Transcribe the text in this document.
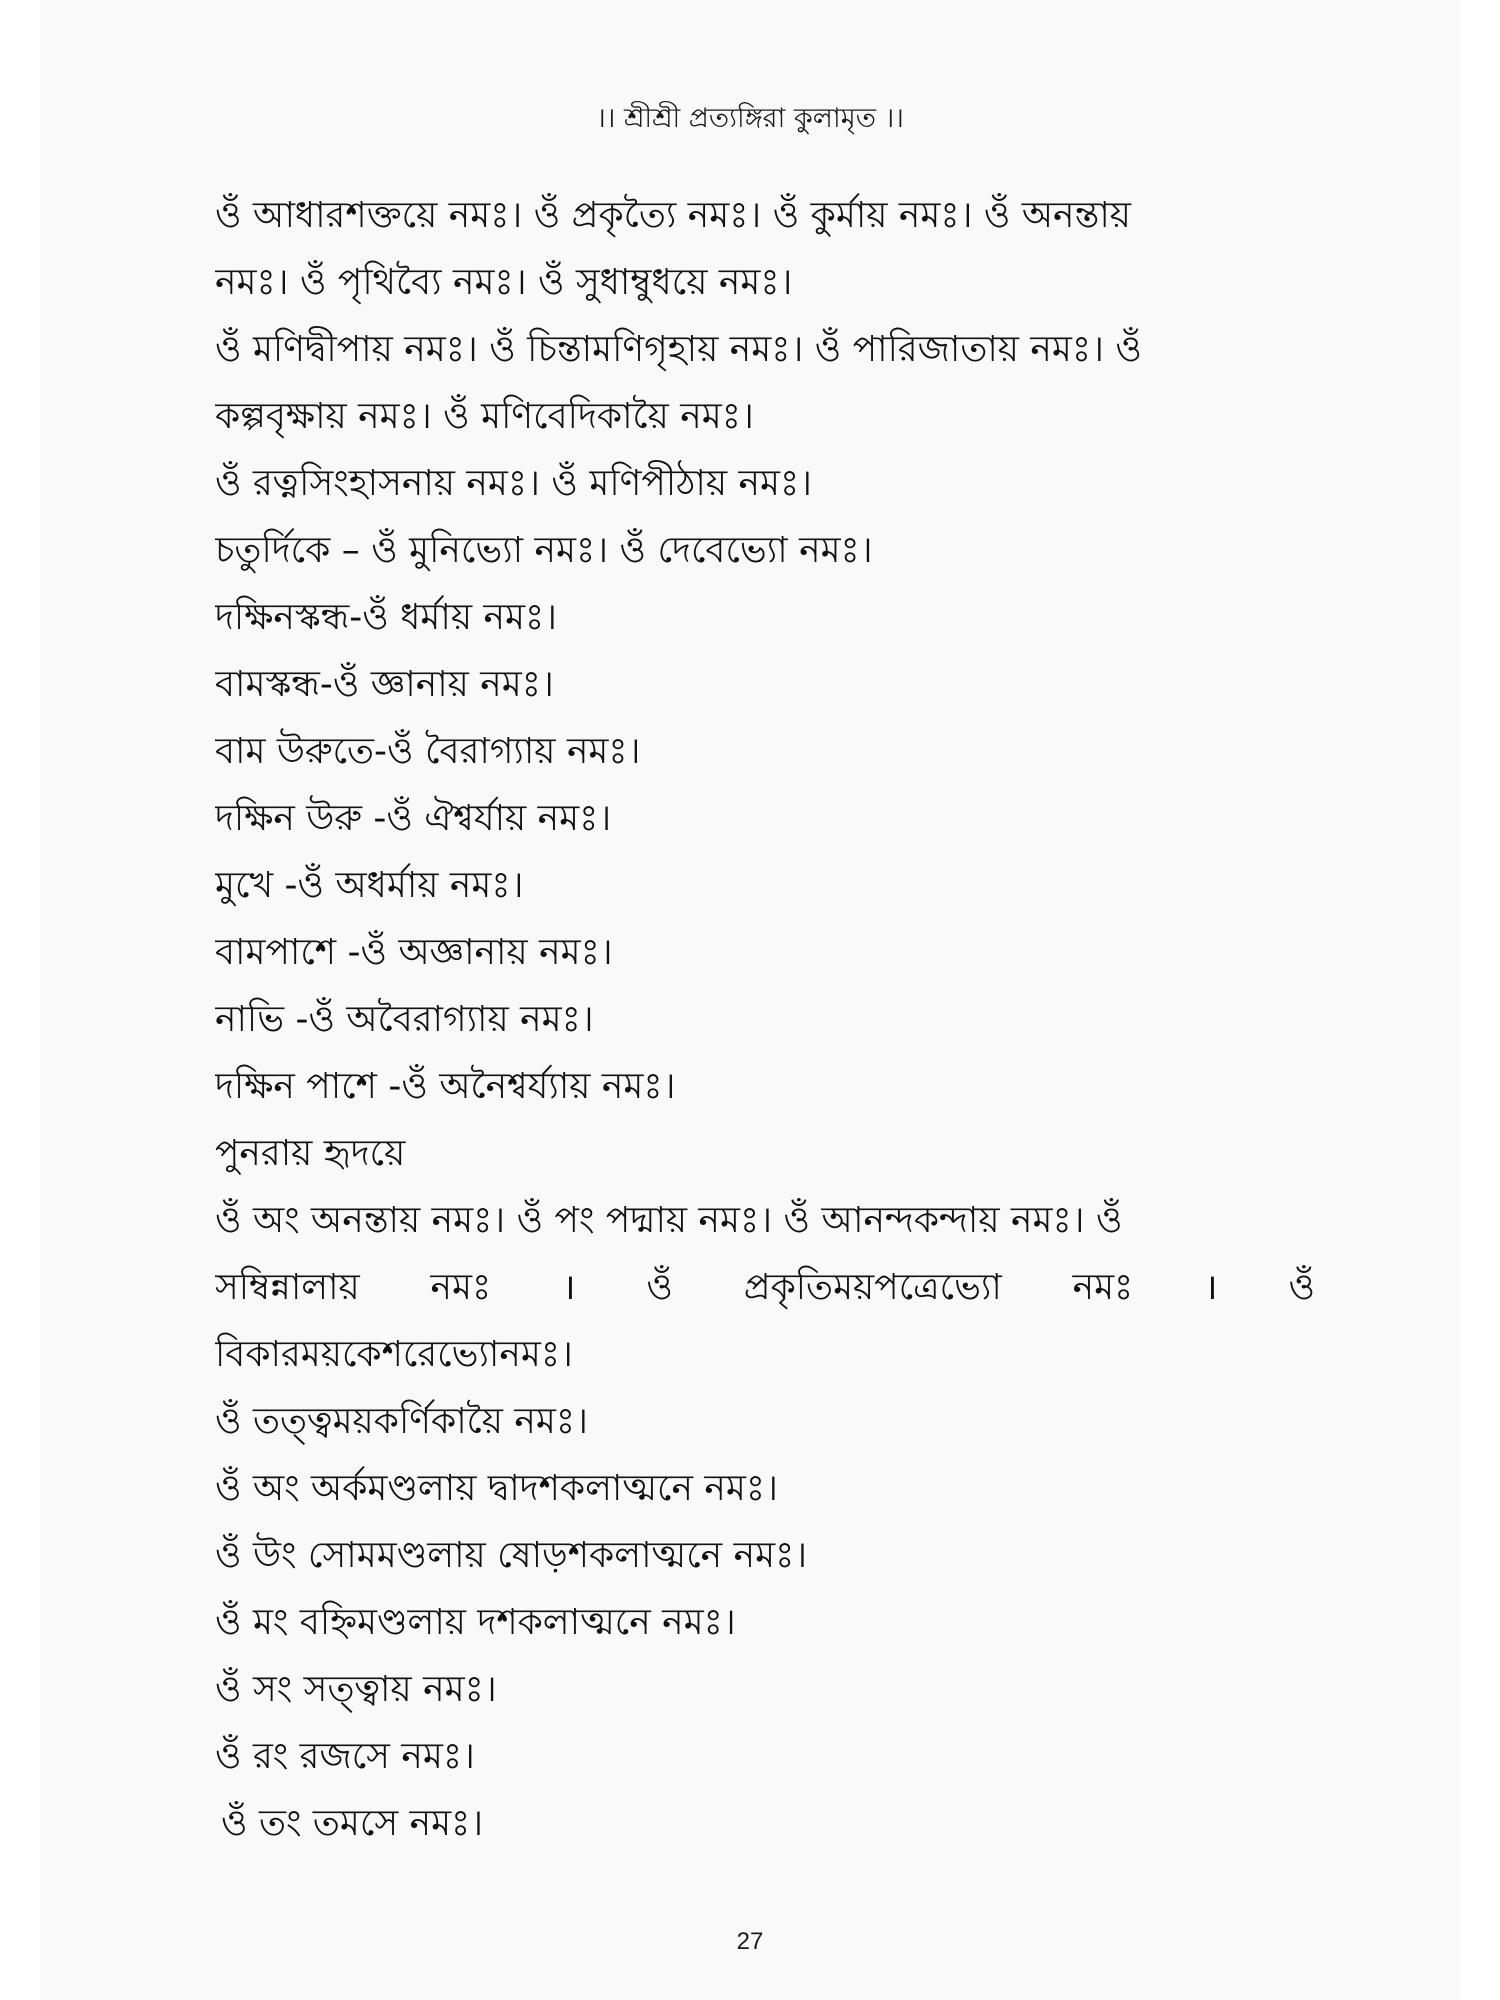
।। শ্রীশ্রী প্রত্যঙ্গিরা কুলামৃত ।।
ওঁ আধারশক্তয়ে নমঃ। ওঁ প্রকৃত্যৈ নমঃ। ওঁ কুর্মায় নমঃ। ওঁ অনন্তায়
নমঃ। ওঁ পৃথিব্যৈ নমঃ। ওঁ সুধাম্বুধয়ে নমঃ।
ওঁ মণিদ্বীপায় নমঃ। ওঁ চিন্তামণিগৃহায় নমঃ। ওঁ পারিজাতায় নমঃ। ওঁ
কল্পবৃক্ষায় নমঃ। ওঁ মণিবেদিকায়ৈ নমঃ।
ওঁ রত্নসিংহাসনায় নমঃ। ওঁ মণিপীঠায় নমঃ।
চতুর্দিকে – ওঁ মুনিভ্যো নমঃ। ওঁ দেবেভ্যো নমঃ।
দক্ষিনস্কন্ধ-ওঁ ধর্মায় নমঃ।
বামস্কন্ধ-ওঁ জ্ঞানায় নমঃ।
বাম উরুতে-ওঁ বৈরাগ্যায় নমঃ।
দক্ষিন উরু -ওঁ ঐশ্বর্যায় নমঃ।
মুখে -ওঁ অধর্মায় নমঃ।
বামপাশে -ওঁ অজ্ঞানায় নমঃ।
নাভি -ওঁ অবৈরাগ্যায় নমঃ।
দক্ষিন পাশে -ওঁ অনৈশ্বর্য্যায় নমঃ।
পুনরায় হৃদয়ে
ওঁ অং অনন্তায় নমঃ। ওঁ পং পদ্মায় নমঃ। ওঁ আনন্দকন্দায় নমঃ। ওঁ
সম্বিন্নালায় নমঃ । ওঁ প্রকৃতিময়পত্রেভ্যো নমঃ । ওঁ
বিকারময়কেশরেভ্যোনমঃ।
ওঁ তত্ত্বময়কর্ণিকায়ৈ নমঃ।
ওঁ অং অর্কমণ্ডলায় দ্বাদশকলাত্মনে নমঃ।
ওঁ উং সোমমণ্ডলায় ষোড়শকলাত্মনে নমঃ।
ওঁ মং বহ্নিমণ্ডলায় দশকলাত্মনে নমঃ।
ওঁ সং সত্ত্বায় নমঃ।
ওঁ রং রজসে নমঃ।
ওঁ তং তমসে নমঃ।
27
